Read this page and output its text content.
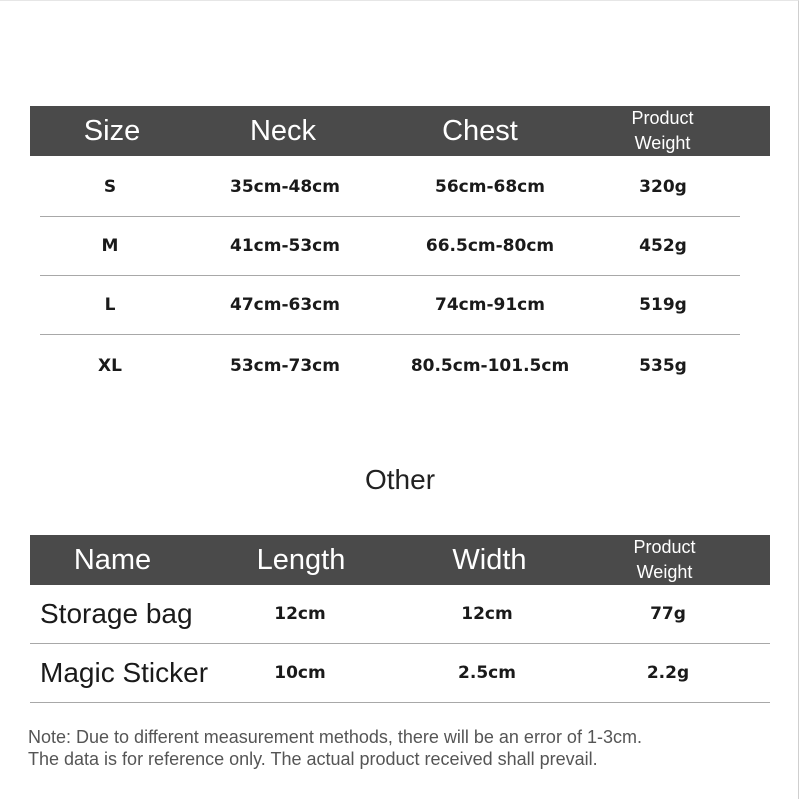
Size	Neck	Chest	Product
Weight
S	35cm-48cm	56cm-68cm	320g
M	41cm-53cm	66.5cm-80cm	452g
L	47cm-63cm	74cm-91cm	519g
XL	53cm-73cm	80.5cm-101.5cm	535g
Other
Name	Length	Width	Product
Weight
Storage bag	12cm	12cm	77g
Magic Sticker	10cm	2.5cm	2.2g
Note: Due to different measurement methods, there will be an error of 1-3cm.
The data is for reference only. The actual product received shall prevail.
